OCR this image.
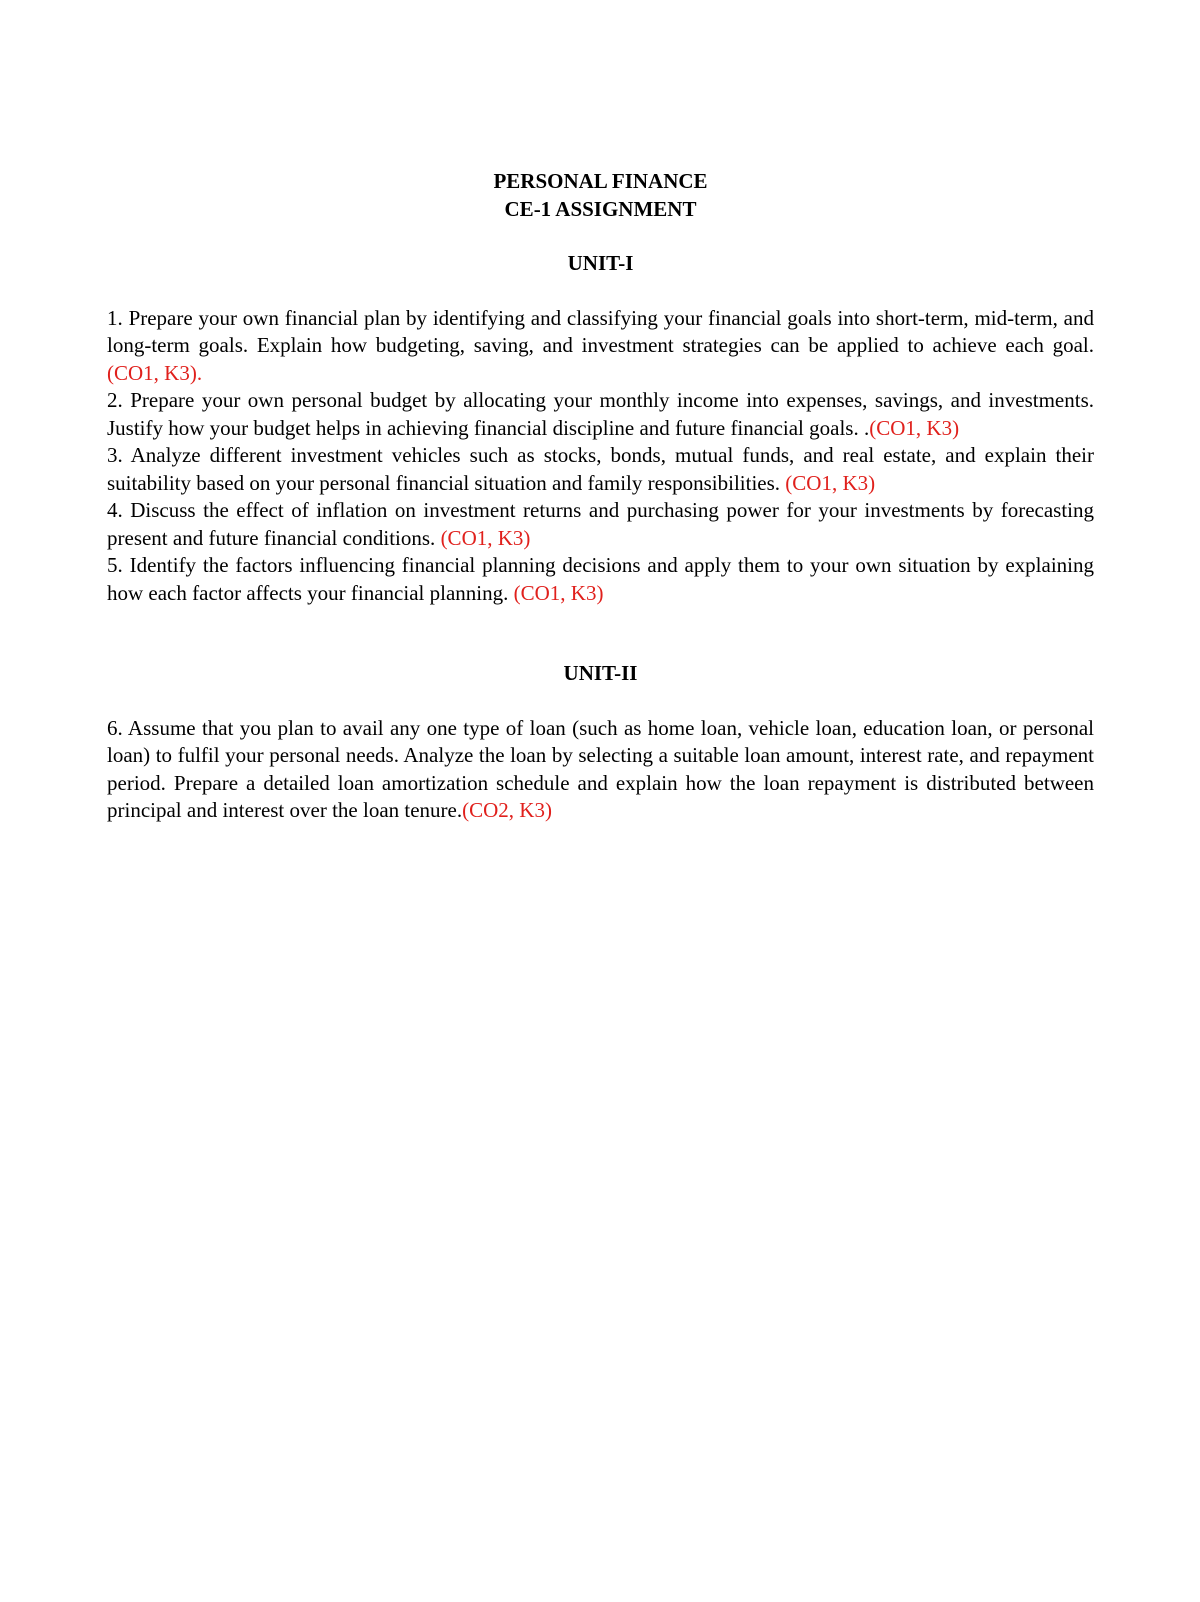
PERSONAL FINANCE

CE-1 ASSIGNMENT

UNIT-I

1. Prepare your own financial plan by identifying and classifying your financial goals into short-term, mid-term, and long-term goals. Explain how budgeting, saving, and investment strategies can be applied to achieve each goal. (CO1, K3).

2. Prepare your own personal budget by allocating your monthly income into expenses, savings, and investments. Justify how your budget helps in achieving financial discipline and future financial goals. .(CO1, K3)

3. Analyze different investment vehicles such as stocks, bonds, mutual funds, and real estate, and explain their suitability based on your personal financial situation and family responsibilities. (CO1, K3)

4. Discuss the effect of inflation on investment returns and purchasing power for your investments by forecasting present and future financial conditions. (CO1, K3)

5. Identify the factors influencing financial planning decisions and apply them to your own situation by explaining how each factor affects your financial planning. (CO1, K3)

UNIT-II

6. Assume that you plan to avail any one type of loan (such as home loan, vehicle loan, education loan, or personal loan) to fulfil your personal needs. Analyze the loan by selecting a suitable loan amount, interest rate, and repayment period. Prepare a detailed loan amortization schedule and explain how the loan repayment is distributed between principal and interest over the loan tenure.(CO2, K3)
